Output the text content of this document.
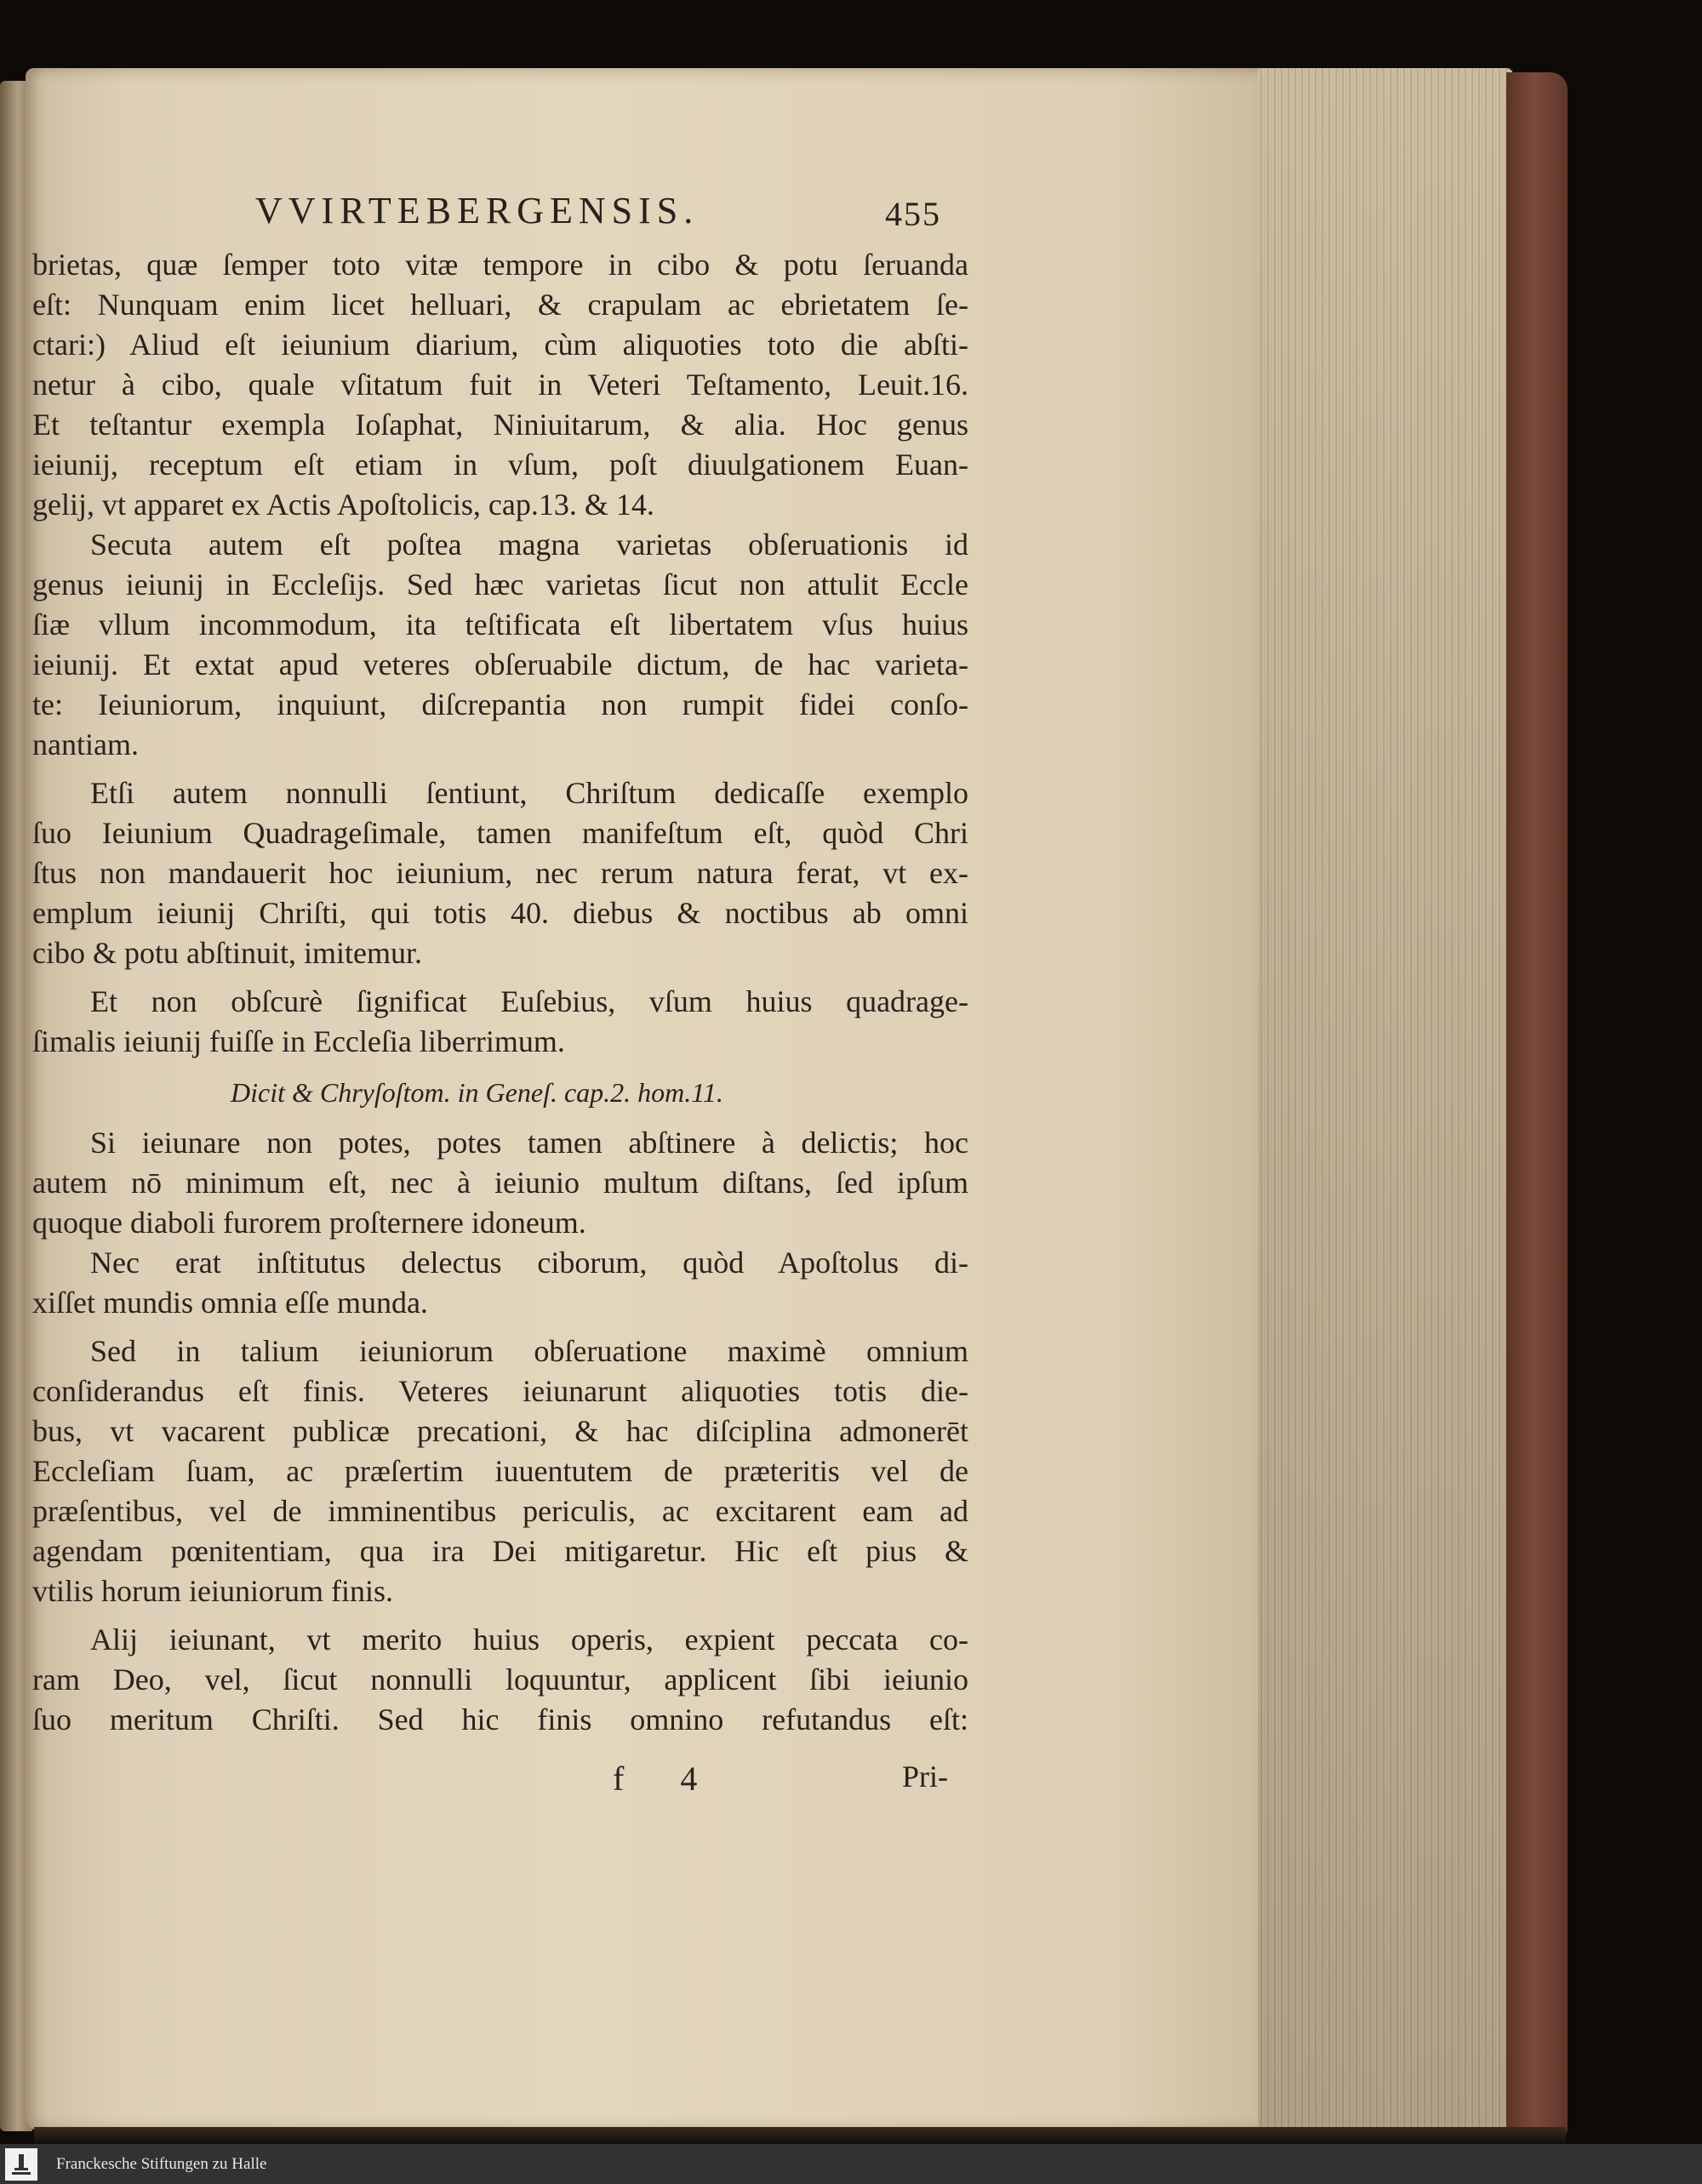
VVIRTEBERGENSIS.	455
brietas, quæ ſemper toto vitæ tempore in cibo & potu ſeruanda
eſt: Nunquam enim licet helluari, & crapulam ac ebrietatem ſe-
ctari:) Aliud eſt ieiunium diarium, cùm aliquoties toto die abſti-
netur à cibo, quale vſitatum fuit in Veteri Teſtamento, Leuit.16.
Et teſtantur exempla Ioſaphat, Niniuitarum, & alia. Hoc genus
ieiunij, receptum eſt etiam in vſum, poſt diuulgationem Euan-
gelij, vt apparet ex Actis Apoſtolicis, cap.13. & 14.
Secuta autem eſt poſtea magna varietas obſeruationis id
genus ieiunij in Eccleſijs. Sed hæc varietas ſicut non attulit Eccle
ſiæ vllum incommodum, ita teſtificata eſt libertatem vſus huius
ieiunij. Et extat apud veteres obſeruabile dictum, de hac varieta-
te: Ieiuniorum, inquiunt, diſcrepantia non rumpit fidei conſo-
nantiam.
Etſi autem nonnulli ſentiunt, Chriſtum dedicaſſe exemplo
ſuo Ieiunium Quadrageſimale, tamen manifeſtum eſt, quòd Chri
ſtus non mandauerit hoc ieiunium, nec rerum natura ferat, vt ex-
emplum ieiunij Chriſti, qui totis 40. diebus & noctibus ab omni
cibo & potu abſtinuit, imitemur.
Et non obſcurè ſignificat Euſebius, vſum huius quadrage-
ſimalis ieiunij fuiſſe in Eccleſia liberrimum.
Dicit & Chryſoſtom. in Geneſ. cap.2. hom.11.
Si ieiunare non potes, potes tamen abſtinere à delictis; hoc
autem nō minimum eſt, nec à ieiunio multum diſtans, ſed ipſum
quoque diaboli furorem proſternere idoneum.
Nec erat inſtitutus delectus ciborum, quòd Apoſtolus di-
xiſſet mundis omnia eſſe munda.
Sed in talium ieiuniorum obſeruatione maximè omnium
conſiderandus eſt finis. Veteres ieiunarunt aliquoties totis die-
bus, vt vacarent publicæ precationi, & hac diſciplina admonerēt
Eccleſiam ſuam, ac præſertim iuuentutem de præteritis vel de
præſentibus, vel de imminentibus periculis, ac excitarent eam ad
agendam pœnitentiam, qua ira Dei mitigaretur. Hic eſt pius &
vtilis horum ieiuniorum finis.
Alij ieiunant, vt merito huius operis, expient peccata co-
ram Deo, vel, ſicut nonnulli loquuntur, applicent ſibi ieiunio
ſuo meritum Chriſti. Sed hic finis omnino refutandus eſt:
f 4	Pri-
Franckesche Stiftungen zu Halle
